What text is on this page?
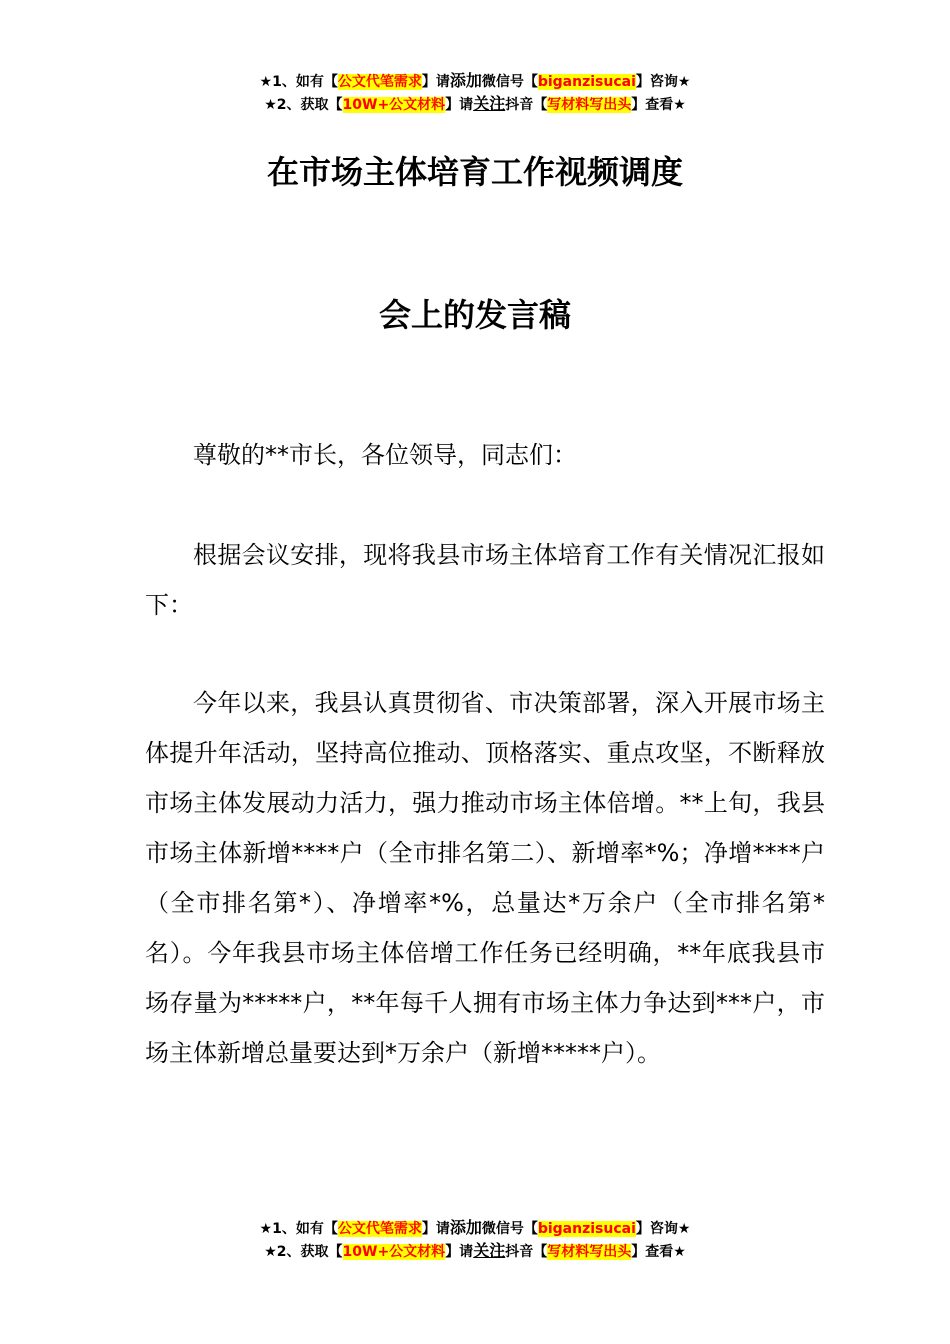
★1、如有【公文代笔需求】请添加微信号【biganzisucai】咨询★
★2、获取【10W+公文材料】请关注抖音【写材料写出头】查看★
在市场主体培育工作视频调度
会上的发言稿

尊敬的**市长，各位领导，同志们：

根据会议安排，现将我县市场主体培育工作有关情况汇报如下：

今年以来，我县认真贯彻省、市决策部署，深入开展市场主体提升年活动，坚持高位推动、顶格落实、重点攻坚，不断释放市场主体发展动力活力，强力推动市场主体倍增。**上旬，我县市场主体新增****户（全市排名第二）、新增率*%；净增****户（全市排名第*）、净增率*%，总量达*万余户（全市排名第*名）。今年我县市场主体倍增工作任务已经明确，**年底我县市场存量为*****户，**年每千人拥有市场主体力争达到***户，市场主体新增总量要达到*万余户（新增*****户）。

★1、如有【公文代笔需求】请添加微信号【biganzisucai】咨询★
★2、获取【10W+公文材料】请关注抖音【写材料写出头】查看★
